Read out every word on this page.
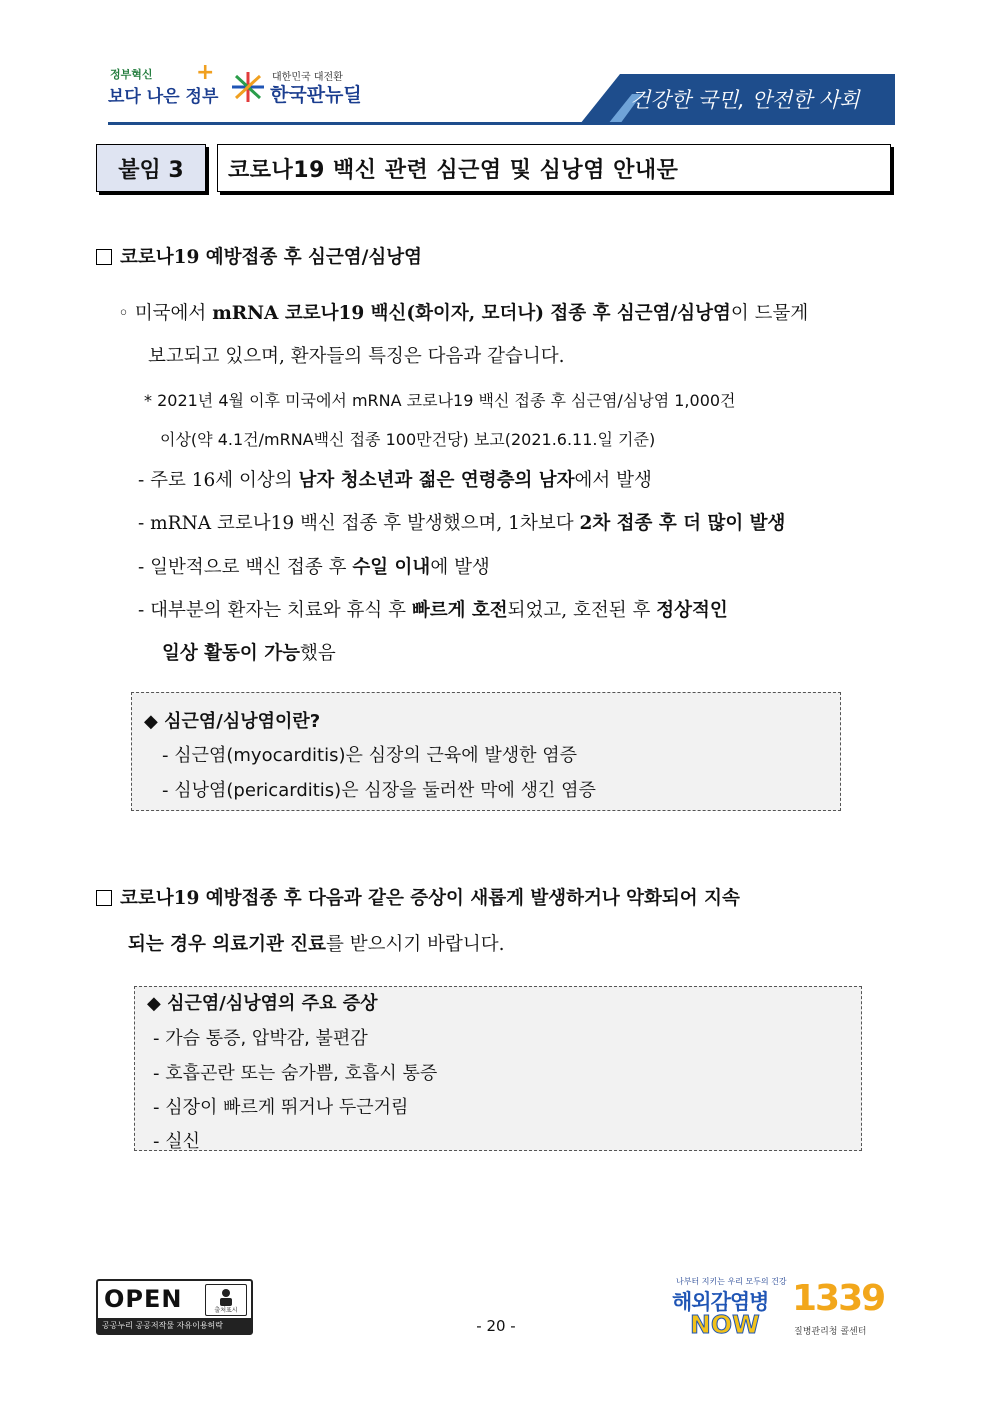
정부혁신
보다 나은 정부
+	대한민국 대전환
한국판뉴딜	건강한 국민, 안전한 사회
붙임 3	코로나19 백신 관련 심근염 및 심낭염 안내문
코로나19 예방접종 후 심근염/심낭염
◦ 미국에서 mRNA 코로나19 백신(화이자, 모더나) 접종 후 심근염/심낭염이 드물게
보고되고 있으며, 환자들의 특징은 다음과 같습니다.
* 2021년 4월 이후 미국에서 mRNA 코로나19 백신 접종 후 심근염/심낭염 1,000건
이상(약 4.1건/mRNA백신 접종 100만건당) 보고(2021.6.11.일 기준)
- 주로 16세 이상의 남자 청소년과 젊은 연령층의 남자에서 발생
- mRNA 코로나19 백신 접종 후 발생했으며, 1차보다 2차 접종 후 더 많이 발생
- 일반적으로 백신 접종 후 수일 이내에 발생
- 대부분의 환자는 치료와 휴식 후 빠르게 호전되었고, 호전된 후 정상적인
일상 활동이 가능했음
◆ 심근염/심낭염이란?
- 심근염(myocarditis)은 심장의 근육에 발생한 염증
- 심낭염(pericarditis)은 심장을 둘러싼 막에 생긴 염증
코로나19 예방접종 후 다음과 같은 증상이 새롭게 발생하거나 악화되어 지속
되는 경우 의료기관 진료를 받으시기 바랍니다.
◆ 심근염/심낭염의 주요 증상
- 가슴 통증, 압박감, 불편감
- 호흡곤란 또는 숨가쁨, 호흡시 통증
- 심장이 빠르게 뛰거나 두근거림
- 실신
OPEN	출처표시
공공누리 공공저작물 자유이용허락	- 20 -
나부터 지키는 우리 모두의 건강
해외감염병
NOW
1339
질병관리청 콜센터
